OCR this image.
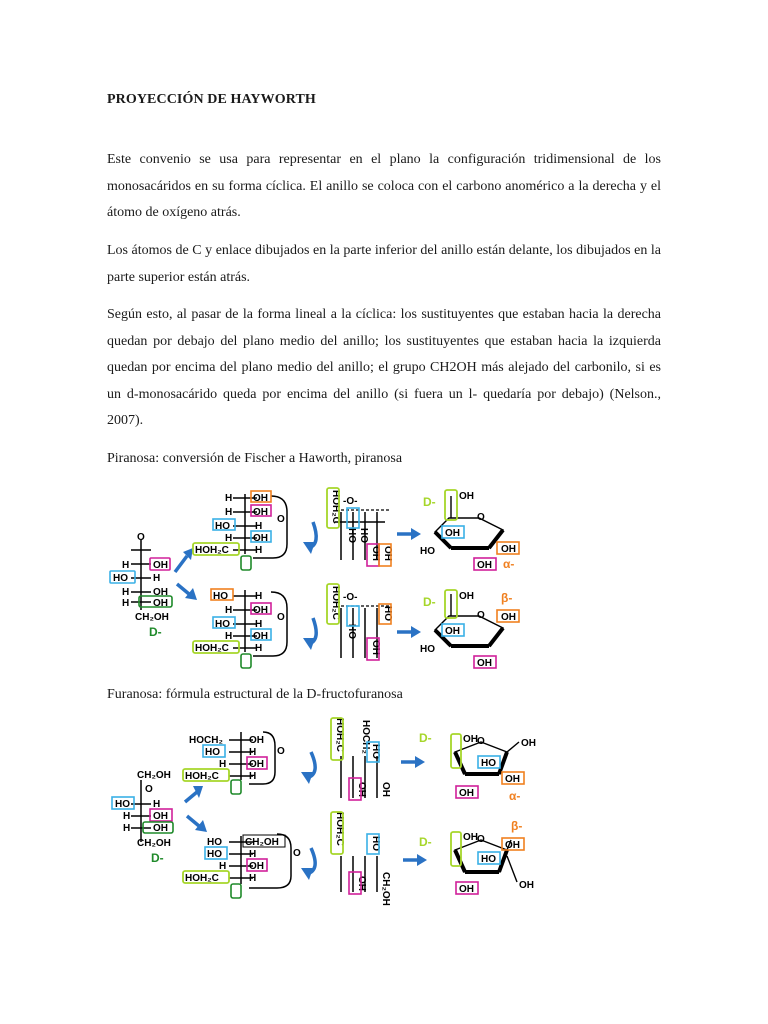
PROYECCIÓN DE HAYWORTH

Este convenio se usa para representar en el plano la configuración tridimensional de los monosacáridos en su forma cíclica. El anillo se coloca con el carbono anomérico a la derecha y el átomo de oxígeno atrás.

Los átomos de C y enlace dibujados en la parte inferior del anillo están delante, los dibujados en la parte superior están atrás.

Según esto, al pasar de la forma lineal a la cíclica: los sustituyentes que estaban hacia la derecha quedan por debajo del plano medio del anillo; los sustituyentes que estaban hacia la izquierda quedan por encima del plano medio del anillo; el grupo CH2OH más alejado del carbonilo, si es un d-monosacárido queda por encima del anillo (si fuera un l- quedaría por debajo) (Nelson., 2007).

Piranosa: conversión de Fischer a Haworth, piranosa

O
H OH
HO	H
H OH
H OH
CH₂OH
D-
H OH
H OH
HO	H
H OH
HOH₂C	H
O
HO	H
H OH
HO	H
H OH
HOH₂C	H
O
-O-
HOH₂C
HO HO
OH OH
-O-
HOH₂C
HO
OH
HO
O
OH
D-
OH
HO
OH
OH
α-
O
OH
D-
OH
HO
OH
OH
β-

Furanosa: fórmula estructural de la D-fructofuranosa

CH₂OH
O
HO H
H OH
H OH
CH₂OH
D-
HOCH₂	OH
HO	H
H OH
HOH₂C	H
O
HO CH₂OH
HO	H
H OH
HOH₂C	H
O
HOH₂C HOCH₂ HO
OH OH
HOH₂C	HO
OH CH₂OH
O
OH
D-	OH
HO
OH
OH
α-
O
OH
D-	OH
β-
HO
OH	OH
